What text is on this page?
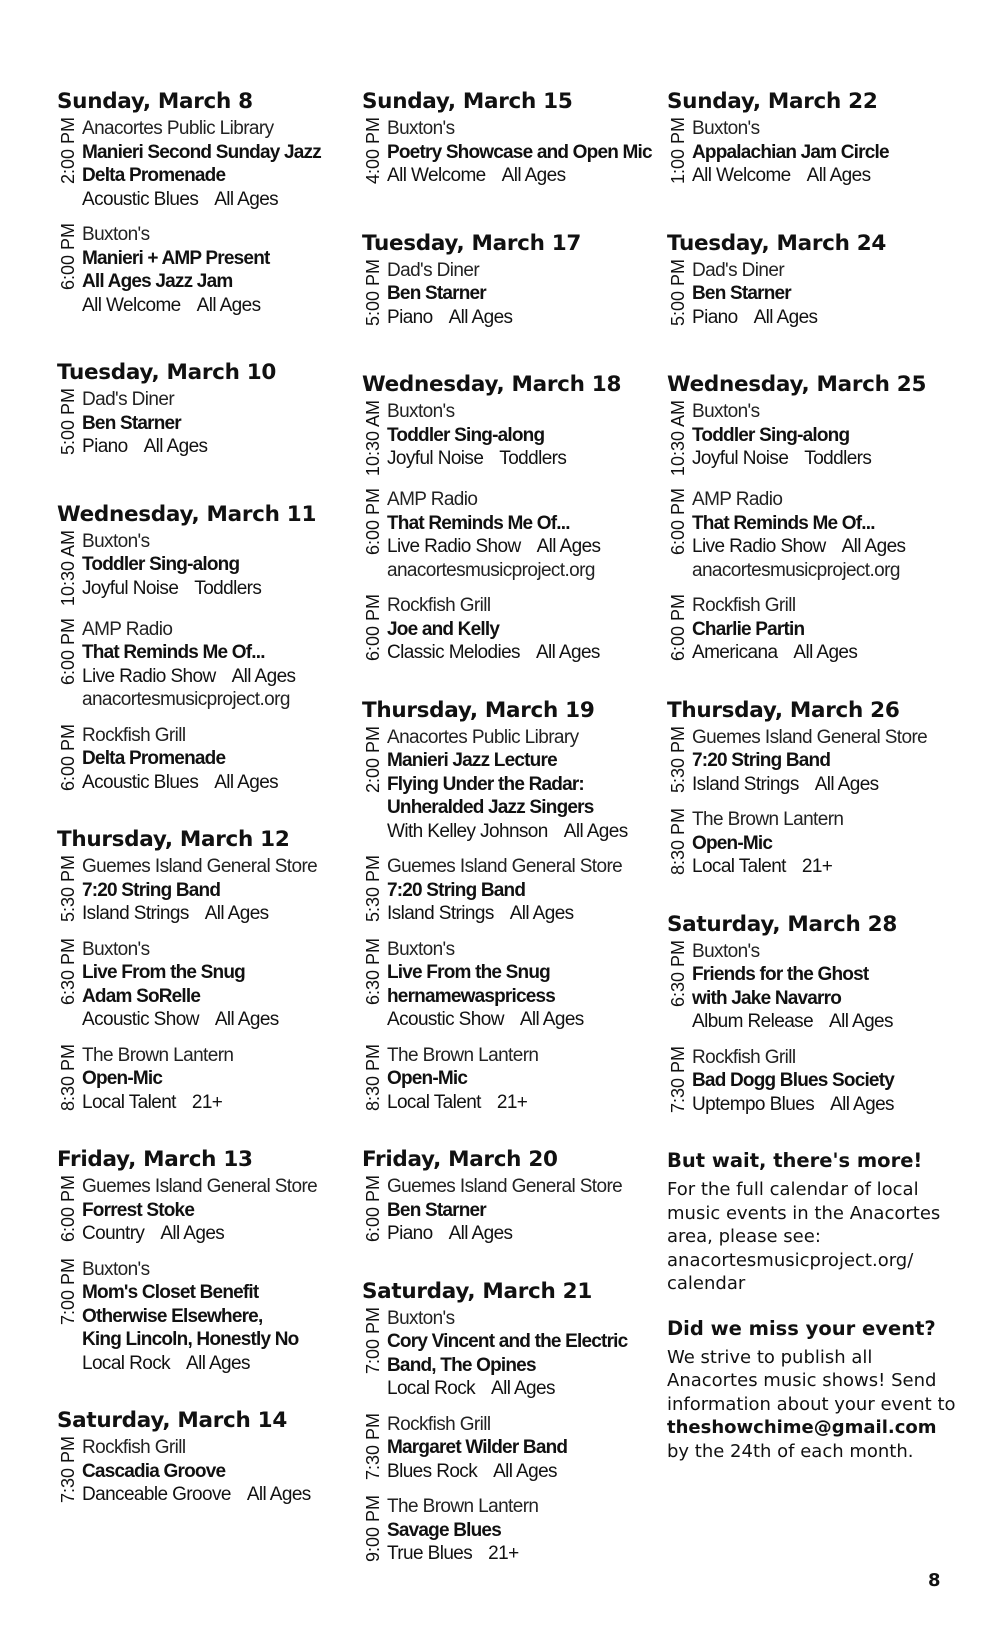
Sunday, March 8
2:00 PM Anacortes Public Library
Manieri Second Sunday Jazz
Delta Promenade
Acoustic Blues All Ages
6:00 PM Buxton's
Manieri + AMP Present
All Ages Jazz Jam
All Welcome All Ages
Tuesday, March 10
5:00 PM Dad's Diner
Ben Starner
Piano All Ages
Wednesday, March 11
10:30 AM Buxton's
Toddler Sing-along
Joyful Noise Toddlers
6:00 PM AMP Radio
That Reminds Me Of...
Live Radio Show All Ages
anacortesmusicproject.org
6:00 PM Rockfish Grill
Delta Promenade
Acoustic Blues All Ages
Thursday, March 12
5:30 PM Guemes Island General Store
7:20 String Band
Island Strings All Ages
6:30 PM Buxton's
Live From the Snug
Adam SoRelle
Acoustic Show All Ages
8:30 PM The Brown Lantern
Open-Mic
Local Talent 21+
Friday, March 13
6:00 PM Guemes Island General Store
Forrest Stoke
Country All Ages
7:00 PM Buxton's
Mom's Closet Benefit
Otherwise Elsewhere,
King Lincoln, Honestly No
Local Rock All Ages
Saturday, March 14
7:30 PM Rockfish Grill
Cascadia Groove
Danceable Groove All Ages
Sunday, March 15
4:00 PM Buxton's
Poetry Showcase and Open Mic
All Welcome All Ages
Tuesday, March 17
5:00 PM Dad's Diner
Ben Starner
Piano All Ages
Wednesday, March 18
10:30 AM Buxton's
Toddler Sing-along
Joyful Noise Toddlers
6:00 PM AMP Radio
That Reminds Me Of...
Live Radio Show All Ages
anacortesmusicproject.org
6:00 PM Rockfish Grill
Joe and Kelly
Classic Melodies All Ages
Thursday, March 19
2:00 PM Anacortes Public Library
Manieri Jazz Lecture
Flying Under the Radar:
Unheralded Jazz Singers
With Kelley Johnson All Ages
5:30 PM Guemes Island General Store
7:20 String Band
Island Strings All Ages
6:30 PM Buxton's
Live From the Snug
hernamewaspricess
Acoustic Show All Ages
8:30 PM The Brown Lantern
Open-Mic
Local Talent 21+
Friday, March 20
6:00 PM Guemes Island General Store
Ben Starner
Piano All Ages
Saturday, March 21
7:00 PM Buxton's
Cory Vincent and the Electric
Band, The Opines
Local Rock All Ages
7:30 PM Rockfish Grill
Margaret Wilder Band
Blues Rock All Ages
9:00 PM The Brown Lantern
Savage Blues
True Blues 21+
Sunday, March 22
1:00 PM Buxton's
Appalachian Jam Circle
All Welcome All Ages
Tuesday, March 24
5:00 PM Dad's Diner
Ben Starner
Piano All Ages
Wednesday, March 25
10:30 AM Buxton's
Toddler Sing-along
Joyful Noise Toddlers
6:00 PM AMP Radio
That Reminds Me Of...
Live Radio Show All Ages
anacortesmusicproject.org
6:00 PM Rockfish Grill
Charlie Partin
Americana All Ages
Thursday, March 26
5:30 PM Guemes Island General Store
7:20 String Band
Island Strings All Ages
8:30 PM The Brown Lantern
Open-Mic
Local Talent 21+
Saturday, March 28
6:30 PM Buxton's
Friends for the Ghost
with Jake Navarro
Album Release All Ages
7:30 PM Rockfish Grill
Bad Dogg Blues Society
Uptempo Blues All Ages
But wait, there's more!
For the full calendar of local music events in the Anacortes area, please see: anacortesmusicproject.org/ calendar
Did we miss your event?
We strive to publish all Anacortes music shows! Send information about your event to theshowchime@gmail.com by the 24th of each month.
8
